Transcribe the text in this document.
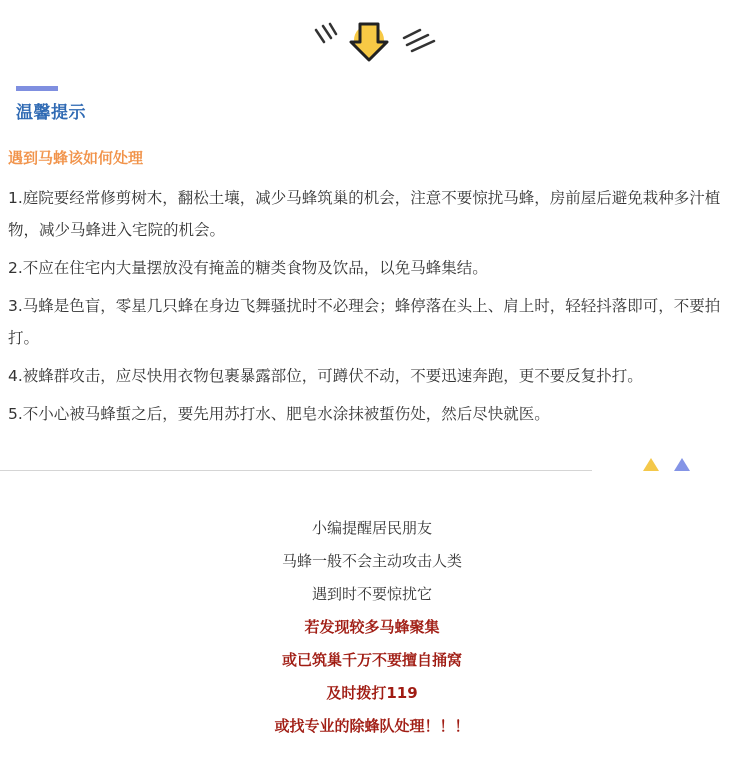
温馨提示
遇到马蜂该如何处理
1.庭院要经常修剪树木，翻松土壤，减少马蜂筑巢的机会，注意不要惊扰马蜂，房前屋后避免栽种多汁植物，减少马蜂进入宅院的机会。
2.不应在住宅内大量摆放没有掩盖的糖类食物及饮品，以免马蜂集结。
3.马蜂是色盲，零星几只蜂在身边飞舞骚扰时不必理会；蜂停落在头上、肩上时，轻轻抖落即可，不要拍打。
4.被蜂群攻击，应尽快用衣物包裹暴露部位，可蹲伏不动，不要迅速奔跑，更不要反复扑打。
5.不小心被马蜂蜇之后，要先用苏打水、肥皂水涂抹被蜇伤处，然后尽快就医。
小编提醒居民朋友
马蜂一般不会主动攻击人类
遇到时不要惊扰它
若发现较多马蜂聚集
或已筑巢千万不要擅自捅窝
及时拨打119
或找专业的除蜂队处理！！！
